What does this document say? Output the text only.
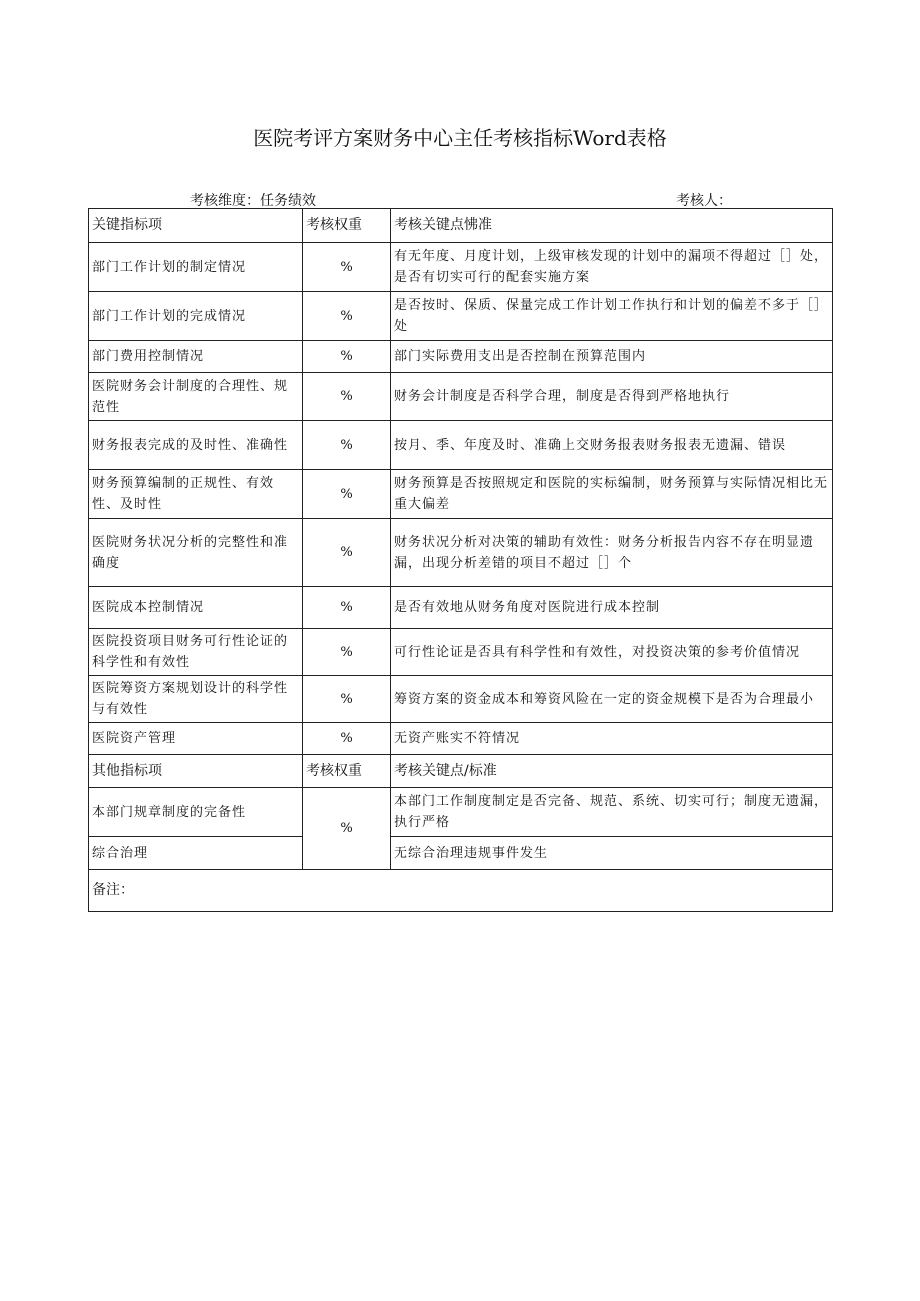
医院考评方案财务中心主任考核指标Word表格
考核维度：任务绩效	考核人：
关键指标项	考核权重	考核关键点怫准
部门工作计划的制定情况	%	有无年度、月度计划，上级审核发现的计划中的漏项不得超过［］处，是否有切实可行的配套实施方案
部门工作计划的完成情况	%	是否按时、保质、保量完成工作计划工作执行和计划的偏差不多于［］处
部门费用控制情况	%	部门实际费用支出是否控制在预算范围内
医院财务会计制度的合理性、规范性	%	财务会计制度是否科学合理，制度是否得到严格地执行
财务报表完成的及时性、准确性	%	按月、季、年度及时、准确上交财务报表财务报表无遗漏、错误
财务预算编制的正规性、有效性、及时性	%	财务预算是否按照规定和医院的实标编制，财务预算与实际情况相比无重大偏差
医院财务状况分析的完整性和准确度	%	财务状况分析对决策的辅助有效性：财务分析报告内容不存在明显遗漏，出现分析差错的项目不超过［］个
医院成本控制情况	%	是否有效地从财务角度对医院进行成本控制
医院投资项目财务可行性论证的科学性和有效性	%	可行性论证是否具有科学性和有效性，对投资决策的参考价值情况
医院筹资方案规划设计的科学性与有效性	%	筹资方案的资金成本和筹资风险在一定的资金规模下是否为合理最小
医院资产管理	%	无资产账实不符情况
其他指标项	考核权重	考核关键点/标准
本部门规章制度的完备性	%	本部门工作制度制定是否完备、规范、系统、切实可行；制度无遗漏，执行严格
综合治理		无综合治理违规事件发生
备注：		
